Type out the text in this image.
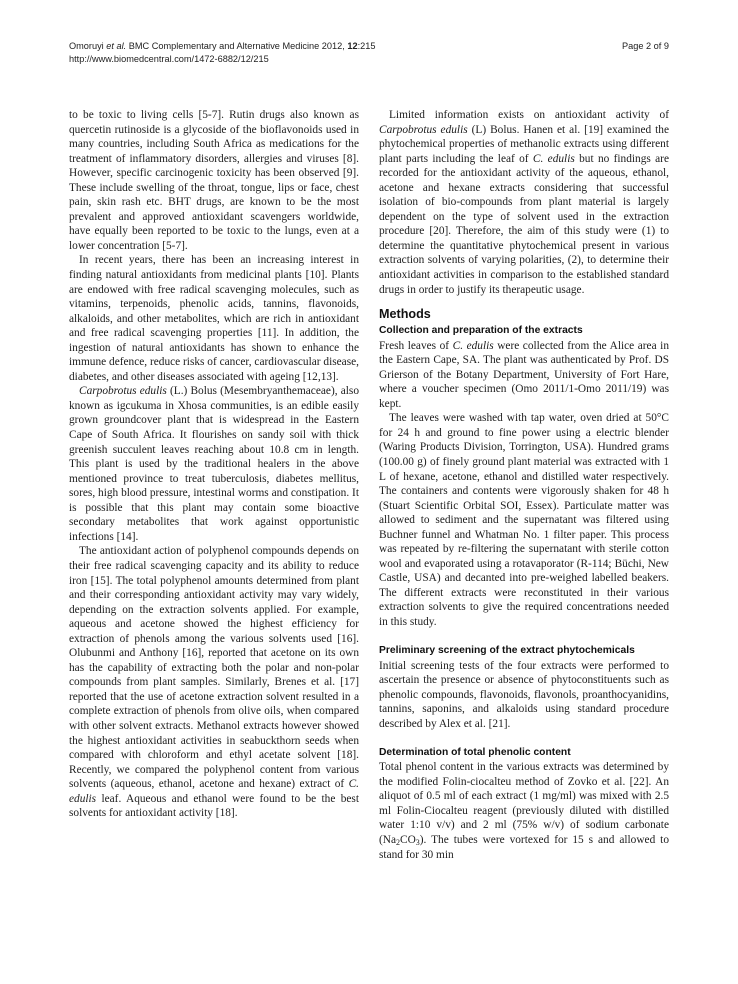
Omoruyi et al. BMC Complementary and Alternative Medicine 2012, 12:215	Page 2 of 9
http://www.biomedcentral.com/1472-6882/12/215

to be toxic to living cells [5-7]. Rutin drugs also known as quercetin rutinoside is a glycoside of the bioflavonoids used in many countries, including South Africa as medications for the treatment of inflammatory disorders, allergies and viruses [8]. However, specific carcinogenic toxicity has been observed [9]. These include swelling of the throat, tongue, lips or face, chest pain, skin rash etc. BHT drugs, are known to be the most prevalent and approved antioxidant scavengers worldwide, have equally been reported to be toxic to the lungs, even at a lower concentration [5-7].

In recent years, there has been an increasing interest in finding natural antioxidants from medicinal plants [10]. Plants are endowed with free radical scavenging molecules, such as vitamins, terpenoids, phenolic acids, tannins, flavonoids, alkaloids, and other metabolites, which are rich in antioxidant and free radical scavenging properties [11]. In addition, the ingestion of natural antioxidants has shown to enhance the immune defence, reduce risks of cancer, cardiovascular disease, diabetes, and other diseases associated with ageing [12,13].

Carpobrotus edulis (L.) Bolus (Mesembryanthemaceae), also known as igcukuma in Xhosa communities, is an edible easily grown groundcover plant that is widespread in the Eastern Cape of South Africa. It flourishes on sandy soil with thick greenish succulent leaves reaching about 10.8 cm in length. This plant is used by the traditional healers in the above mentioned province to treat tuberculosis, diabetes mellitus, sores, high blood pressure, intestinal worms and constipation. It is possible that this plant may contain some bioactive secondary metabolites that work against opportunistic infections [14].

The antioxidant action of polyphenol compounds depends on their free radical scavenging capacity and its ability to reduce iron [15]. The total polyphenol amounts determined from plant and their corresponding antioxidant activity may vary widely, depending on the extraction solvents applied. For example, aqueous and acetone showed the highest efficiency for extraction of phenols among the various solvents used [16]. Olubunmi and Anthony [16], reported that acetone on its own has the capability of extracting both the polar and non-polar compounds from plant samples. Similarly, Brenes et al. [17] reported that the use of acetone extraction solvent resulted in a complete extraction of phenols from olive oils, when compared with other solvent extracts. Methanol extracts however showed the highest antioxidant activities in seabuckthorn seeds when compared with chloroform and ethyl acetate solvent [18]. Recently, we compared the polyphenol content from various solvents (aqueous, ethanol, acetone and hexane) extract of C. edulis leaf. Aqueous and ethanol were found to be the best solvents for antioxidant activity [18].

Limited information exists on antioxidant activity of Carpobrotus edulis (L) Bolus. Hanen et al. [19] examined the phytochemical properties of methanolic extracts using different plant parts including the leaf of C. edulis but no findings are recorded for the antioxidant activity of the aqueous, ethanol, acetone and hexane extracts considering that successful isolation of bio-compounds from plant material is largely dependent on the type of solvent used in the extraction procedure [20]. Therefore, the aim of this study were (1) to determine the quantitative phytochemical present in various extraction solvents of varying polarities, (2), to determine their antioxidant activities in comparison to the established standard drugs in order to justify its therapeutic usage.

Methods
Collection and preparation of the extracts

Fresh leaves of C. edulis were collected from the Alice area in the Eastern Cape, SA. The plant was authenticated by Prof. DS Grierson of the Botany Department, University of Fort Hare, where a voucher specimen (Omo 2011/1-Omo 2011/19) was kept.

The leaves were washed with tap water, oven dried at 50°C for 24 h and ground to fine power using a electric blender (Waring Products Division, Torrington, USA). Hundred grams (100.00 g) of finely ground plant material was extracted with 1 L of hexane, acetone, ethanol and distilled water respectively. The containers and contents were vigorously shaken for 48 h (Stuart Scientific Orbital SOI, Essex). Particulate matter was allowed to sediment and the supernatant was filtered using Buchner funnel and Whatman No. 1 filter paper. This process was repeated by re-filtering the supernatant with sterile cotton wool and evaporated using a rotavaporator (R-114; Büchi, New Castle, USA) and decanted into pre-weighed labelled beakers. The different extracts were reconstituted in their various extraction solvents to give the required concentrations needed in this study.

Preliminary screening of the extract phytochemicals

Initial screening tests of the four extracts were performed to ascertain the presence or absence of phytoconstituents such as phenolic compounds, flavonoids, flavonols, proanthocyanidins, tannins, saponins, and alkaloids using standard procedure described by Alex et al. [21].

Determination of total phenolic content

Total phenol content in the various extracts was determined by the modified Folin-ciocalteu method of Zovko et al. [22]. An aliquot of 0.5 ml of each extract (1 mg/ml) was mixed with 2.5 ml Folin-Ciocalteu reagent (previously diluted with distilled water 1:10 v/v) and 2 ml (75% w/v) of sodium carbonate $(Na_2CO_3)$. The tubes were vortexed for 15 s and allowed to stand for 30 min
